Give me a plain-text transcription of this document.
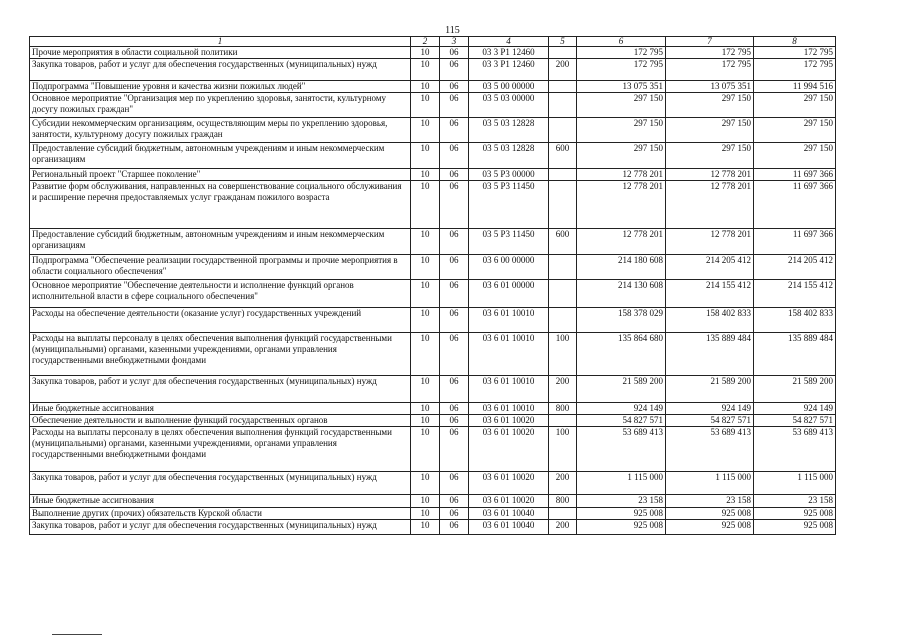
115
1	2	3	4	5	6	7	8
Прочие мероприятия в области социальной политики	10	06	03 3 P1 12460		172 795	172 795	172 795
Закупка товаров, работ и услуг для обеспечения государственных (муниципальных) нужд	10	06	03 3 P1 12460	200	172 795	172 795	172 795
Подпрограмма "Повышение уровня и качества жизни пожилых людей"	10	06	03 5 00 00000		13 075 351	13 075 351	11 994 516
Основное мероприятие "Организация мер по укреплению здоровья, занятости, культурному досугу пожилых граждан"	10	06	03 5 03 00000		297 150	297 150	297 150
Субсидии некоммерческим организациям, осуществляющим меры по укреплению здоровья, занятости, культурному досугу пожилых граждан	10	06	03 5 03 12828		297 150	297 150	297 150
Предоставление субсидий бюджетным, автономным учреждениям и иным некоммерческим организациям	10	06	03 5 03 12828	600	297 150	297 150	297 150
Региональный проект "Старшее поколение"	10	06	03 5 P3 00000		12 778 201	12 778 201	11 697 366
Развитие форм обслуживания, направленных на совершенствование социального обслуживания и расширение перечня предоставляемых услуг гражданам пожилого возраста	10	06	03 5 P3 11450		12 778 201	12 778 201	11 697 366
Предоставление субсидий бюджетным, автономным учреждениям и иным некоммерческим организациям	10	06	03 5 P3 11450	600	12 778 201	12 778 201	11 697 366
Подпрограмма "Обеспечение реализации государственной программы и прочие мероприятия в области социального обеспечения"	10	06	03 6 00 00000		214 180 608	214 205 412	214 205 412
Основное мероприятие "Обеспечение деятельности и исполнение функций органов исполнительной власти в сфере социального обеспечения"	10	06	03 6 01 00000		214 130 608	214 155 412	214 155 412
Расходы на обеспечение деятельности (оказание услуг) государственных учреждений	10	06	03 6 01 10010		158 378 029	158 402 833	158 402 833
Расходы на выплаты персоналу в целях обеспечения выполнения функций государственными (муниципальными) органами, казенными учреждениями, органами управления государственными внебюджетными фондами	10	06	03 6 01 10010	100	135 864 680	135 889 484	135 889 484
Закупка товаров, работ и услуг для обеспечения государственных (муниципальных) нужд	10	06	03 6 01 10010	200	21 589 200	21 589 200	21 589 200
Иные бюджетные ассигнования	10	06	03 6 01 10010	800	924 149	924 149	924 149
Обеспечение деятельности и выполнение функций государственных органов	10	06	03 6 01 10020		54 827 571	54 827 571	54 827 571
Расходы на выплаты персоналу в целях обеспечения выполнения функций государственными (муниципальными) органами, казенными учреждениями, органами управления государственными внебюджетными фондами	10	06	03 6 01 10020	100	53 689 413	53 689 413	53 689 413
Закупка товаров, работ и услуг для обеспечения государственных (муниципальных) нужд	10	06	03 6 01 10020	200	1 115 000	1 115 000	1 115 000
Иные бюджетные ассигнования	10	06	03 6 01 10020	800	23 158	23 158	23 158
Выполнение других (прочих) обязательств Курской области	10	06	03 6 01 10040		925 008	925 008	925 008
Закупка товаров, работ и услуг для обеспечения государственных (муниципальных) нужд	10	06	03 6 01 10040	200	925 008	925 008	925 008
